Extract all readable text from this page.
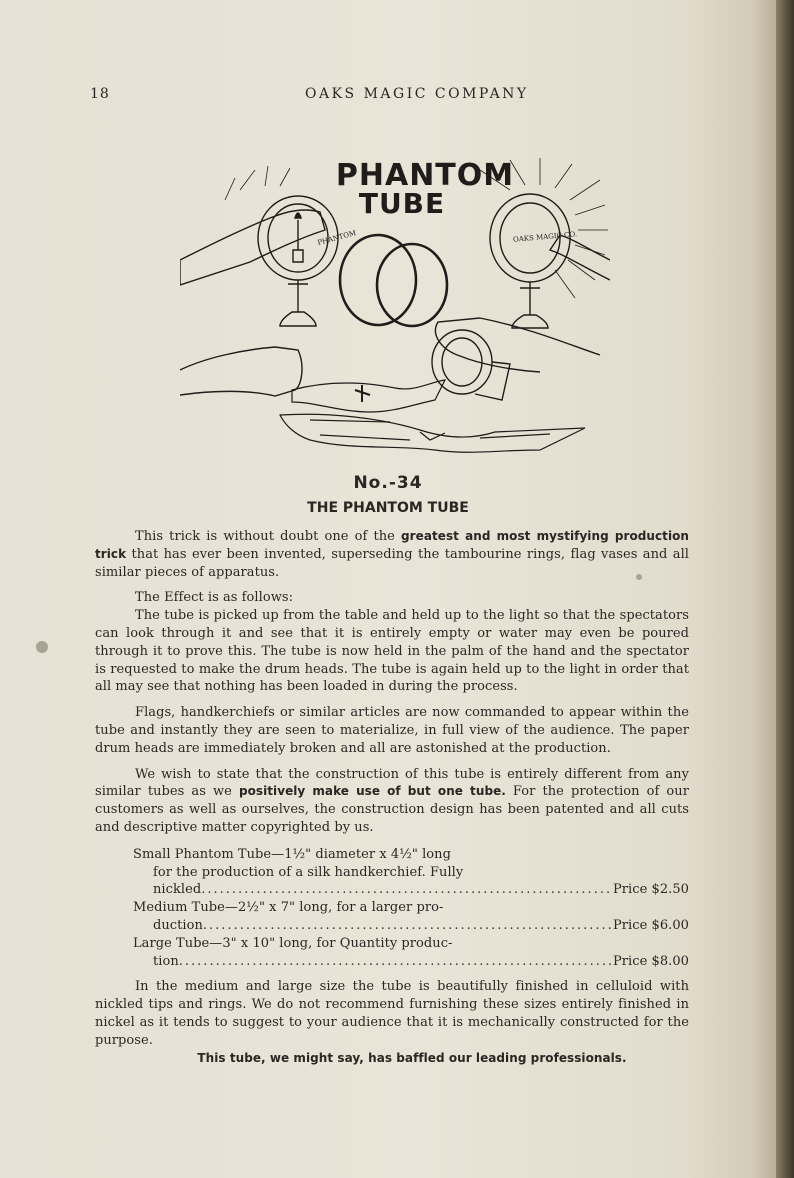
18	OAKS MAGIC COMPANY
PHANTOM
TUBE
PHANTOM	OAKS MAGIC CO.
No.-34
THE PHANTOM TUBE

This trick is without doubt one of the greatest and most mystifying production trick that has ever been invented, superseding the tambourine rings, flag vases and all similar pieces of apparatus.

The Effect is as follows:

The tube is picked up from the table and held up to the light so that the spectators can look through it and see that it is entirely empty or water may even be poured through it to prove this. The tube is now held in the palm of the hand and the spectator is requested to make the drum heads. The tube is again held up to the light in order that all may see that nothing has been loaded in during the process.

Flags, handkerchiefs or similar articles are now commanded to appear within the tube and instantly they are seen to materialize, in full view of the audience. The paper drum heads are immediately broken and all are astonished at the production.

We wish to state that the construction of this tube is entirely different from any similar tubes as we positively make use of but one tube. For the protection of our customers as well as ourselves, the construction design has been patented and all cuts and descriptive matter copyrighted by us.

Small Phantom Tube—1½" diameter x 4½" long
for the production of a silk handkerchief. Fully
nickled .....	Price $2.50
Medium Tube—2½" x 7" long, for a larger pro-
duction .....	Price $6.00
Large Tube—3" x 10" long, for Quantity produc-
tion .....	Price $8.00

In the medium and large size the tube is beautifully finished in celluloid with nickled tips and rings. We do not recommend furnishing these sizes entirely finished in nickel as it tends to suggest to your audience that it is mechanically constructed for the purpose.

This tube, we might say, has baffled our leading professionals.
